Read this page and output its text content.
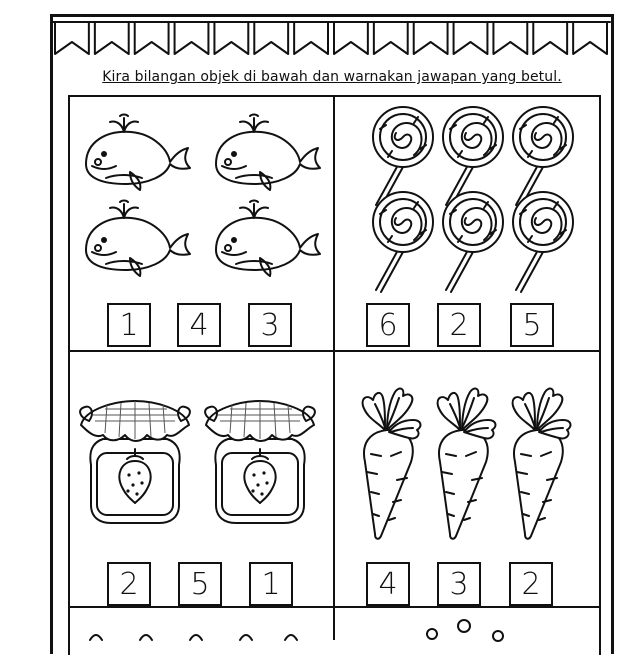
Kira bilangan objek di bawah dan warnakan jawapan yang betul.
1	4	3	6	2	5
2	5	1	4	3	2
